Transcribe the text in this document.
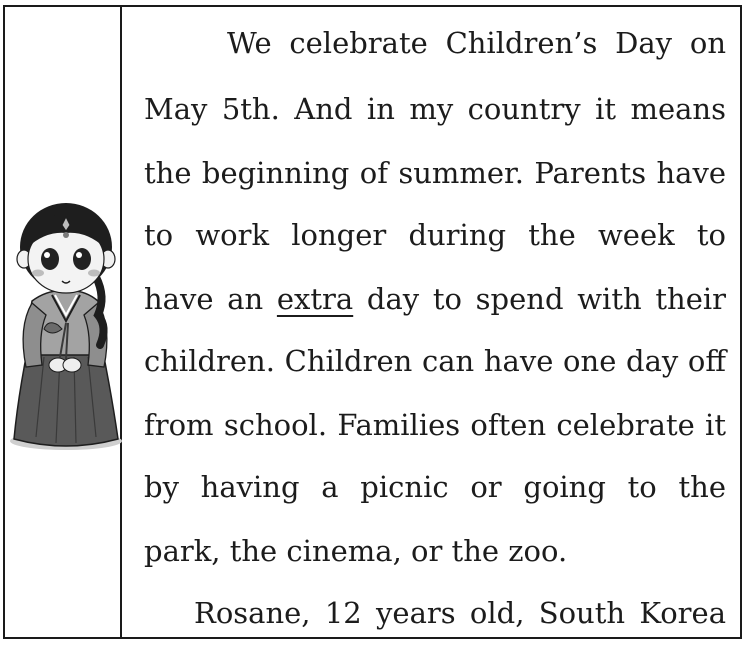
We celebrate Children’s Day on
May 5th. And in my country it means
the beginning of summer. Parents have
to work longer during the week to
have an extra day to spend with their
children. Children can have one day off
from school. Families often celebrate it
by having a picnic or going to the
park, the cinema, or the zoo.
Rosane, 12 years old, South Korea
